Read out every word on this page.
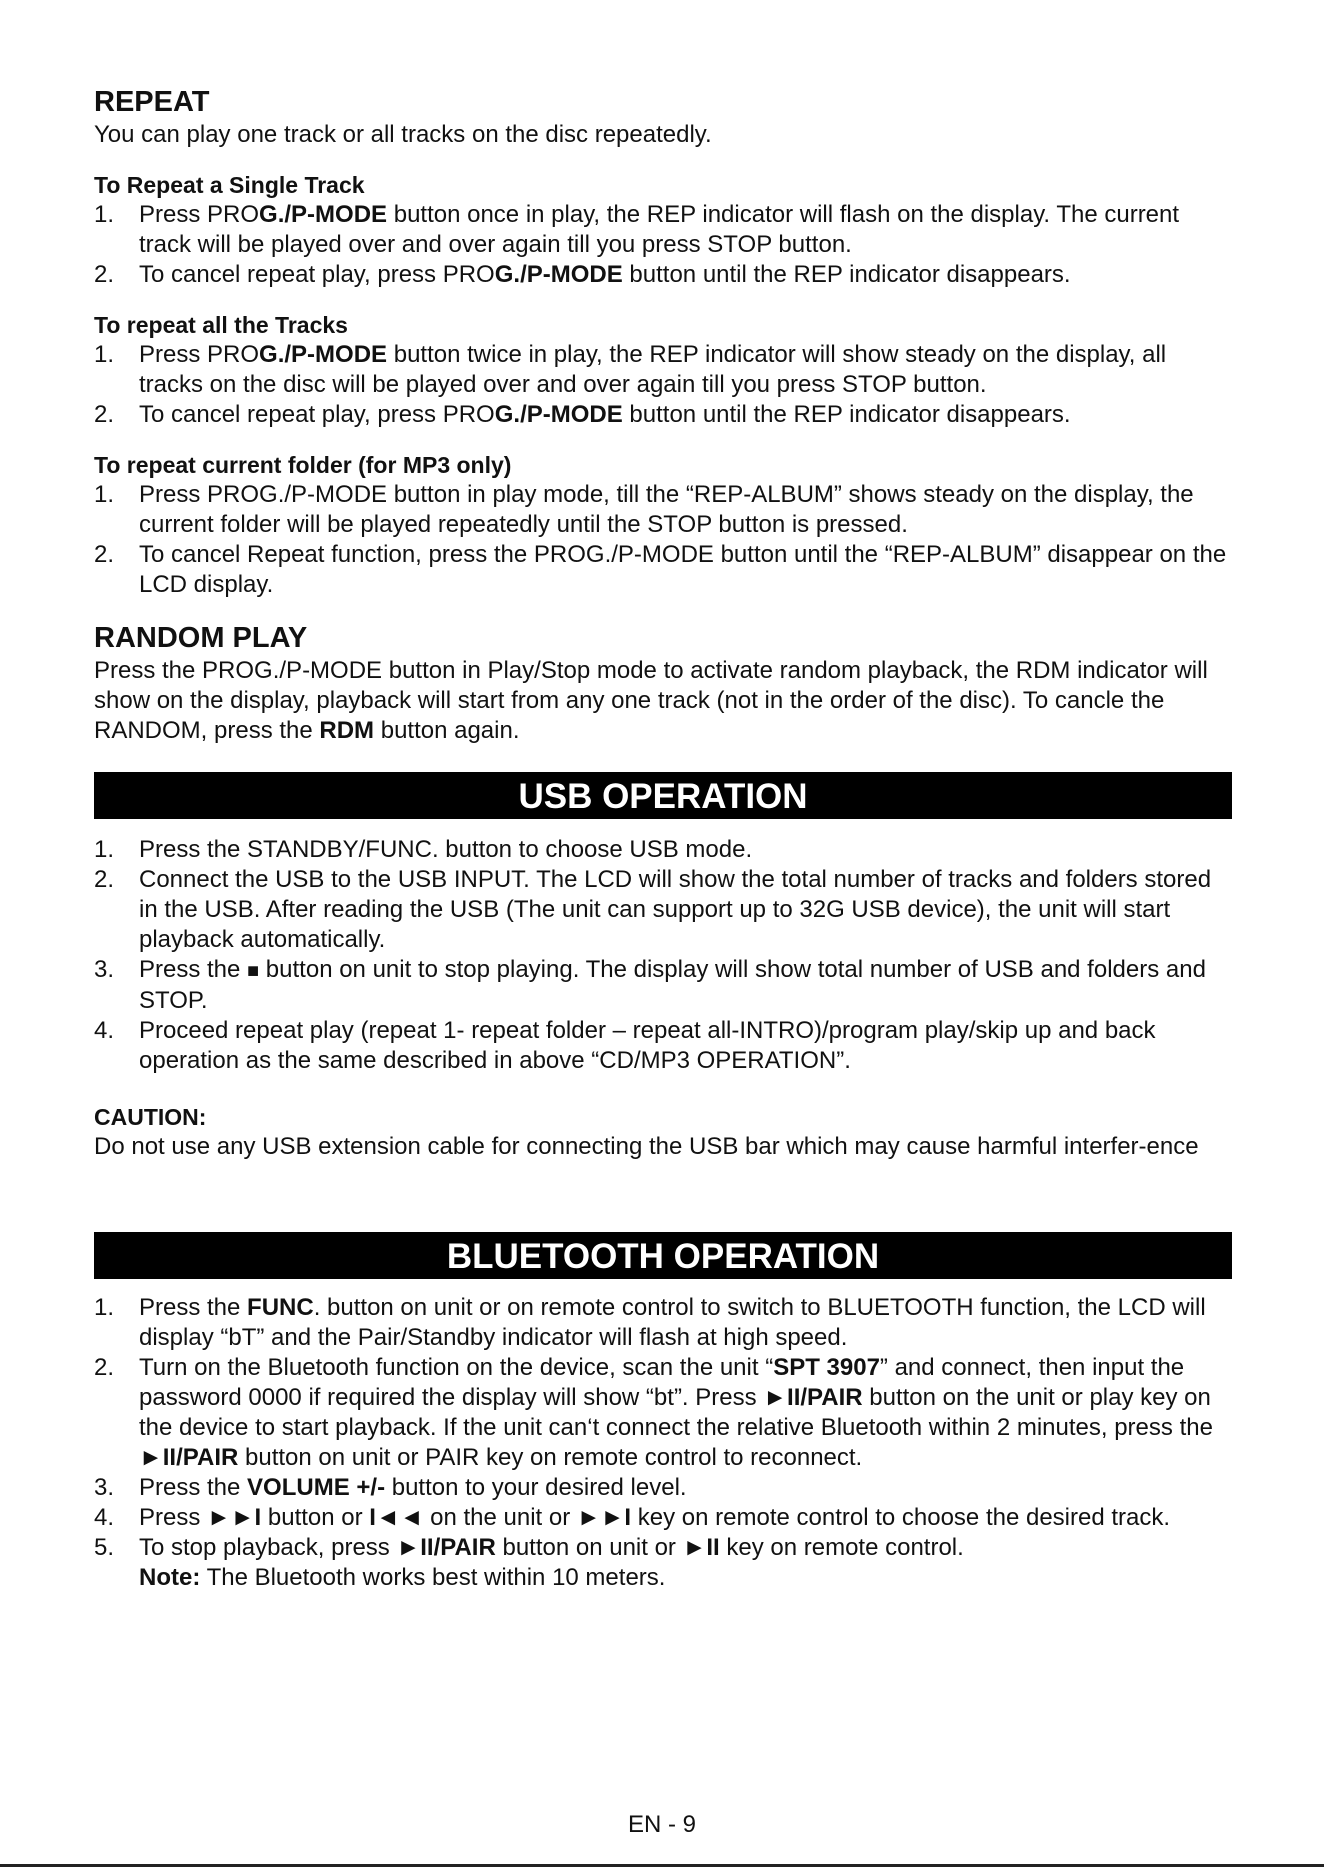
REPEAT

You can play one track or all tracks on the disc repeatedly.

To Repeat a Single Track

1. Press PROG./P-MODE button once in play, the REP indicator will flash on the display. The current track will be played over and over again till you press STOP button.
2. To cancel repeat play, press PROG./P-MODE button until the REP indicator disappears.

To repeat all the Tracks

1. Press PROG./P-MODE button twice in play, the REP indicator will show steady on the display, all tracks on the disc will be played over and over again till you press STOP button.
2. To cancel repeat play, press PROG./P-MODE button until the REP indicator disappears.

To repeat current folder (for MP3 only)

1. Press PROG./P-MODE button in play mode, till the “REP-ALBUM” shows steady on the display, the current folder will be played repeatedly until the STOP button is pressed.
2. To cancel Repeat function, press the PROG./P-MODE button until the “REP-ALBUM” disappear on the LCD display.
RANDOM PLAY

Press the PROG./P-MODE button in Play/Stop mode to activate random playback, the RDM indicator will show on the display, playback will start from any one track (not in the order of the disc). To cancle the RANDOM, press the RDM button again.

USB OPERATION
1. Press the STANDBY/FUNC. button to choose USB mode.
2. Connect the USB to the USB INPUT. The LCD will show the total number of tracks and folders stored in the USB. After reading the USB (The unit can support up to 32G USB device), the unit will start playback automatically.
3. Press the ■ button on unit to stop playing. The display will show total number of USB and folders and STOP.
4. Proceed repeat play (repeat 1- repeat folder – repeat all-INTRO)/program play/skip up and back operation as the same described in above “CD/MP3 OPERATION”.

CAUTION:

Do not use any USB extension cable for connecting the USB bar which may cause harmful interfer-ence

BLUETOOTH OPERATION
1. Press the FUNC. button on unit or on remote control to switch to BLUETOOTH function, the LCD will display “bT” and the Pair/Standby indicator will flash at high speed.
2. Turn on the Bluetooth function on the device, scan the unit “SPT 3907” and connect, then input the password 0000 if required the display will show “bt”. Press ►II/PAIR button on the unit or play key on the device to start playback. If the unit can‘t connect the relative Bluetooth within 2 minutes, press the ►II/PAIR button on unit or PAIR key on remote control to reconnect.
3. Press the VOLUME +/- button to your desired level.
4. Press ►►I button or I◄◄ on the unit or ►►I key on remote control to choose the desired track.
5. To stop playback, press ►II/PAIR button on unit or ►II key on remote control.
Note: The Bluetooth works best within 10 meters.
EN - 9
